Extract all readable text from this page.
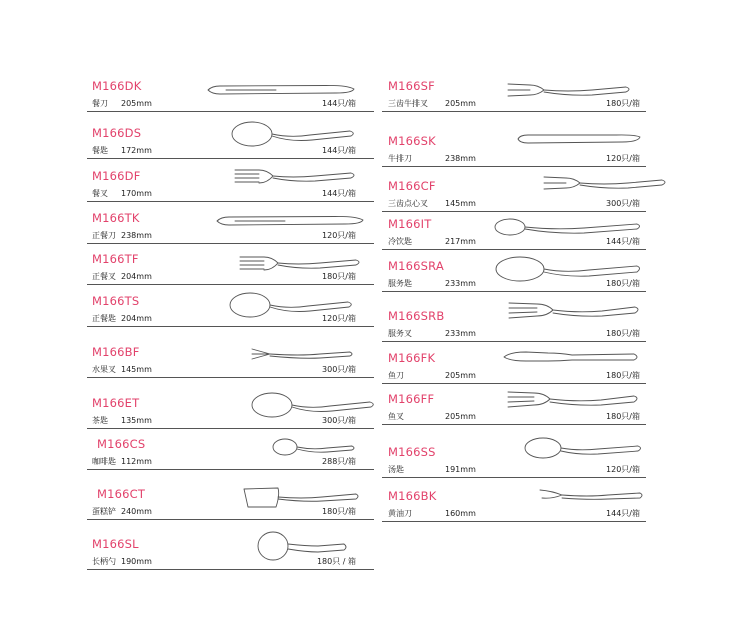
M166DK
餐刀 205mm	144只/箱
M166DS
餐匙 172mm	144只/箱
M166DF
餐叉 170mm	144只/箱
M166TK
正餐刀 238mm	120只/箱
M166TF
正餐叉 204mm	180只/箱
M166TS
正餐匙 204mm	120只/箱
M166BF
水果叉 145mm	300只/箱
M166ET
茶匙 135mm	300只/箱
M166CS
咖啡匙 112mm	288只/箱
M166CT
蛋糕铲 240mm	180只/箱
M166SL
长柄勺 190mm	180只 / 箱
M166SF
三齿牛排叉 205mm	180只/箱
M166SK
牛排刀	238mm	120只/箱
M166CF
三齿点心叉 145mm	300只/箱
M166IT
冷饮匙	217mm	144只/箱
M166SRA
服务匙	233mm	180只/箱
M166SRB
服务叉	233mm	180只/箱
M166FK
鱼刀	205mm	180只/箱
M166FF
鱼叉	205mm	180只/箱
M166SS
汤匙	191mm	120只/箱
M166BK
黄油刀	160mm	144只/箱
